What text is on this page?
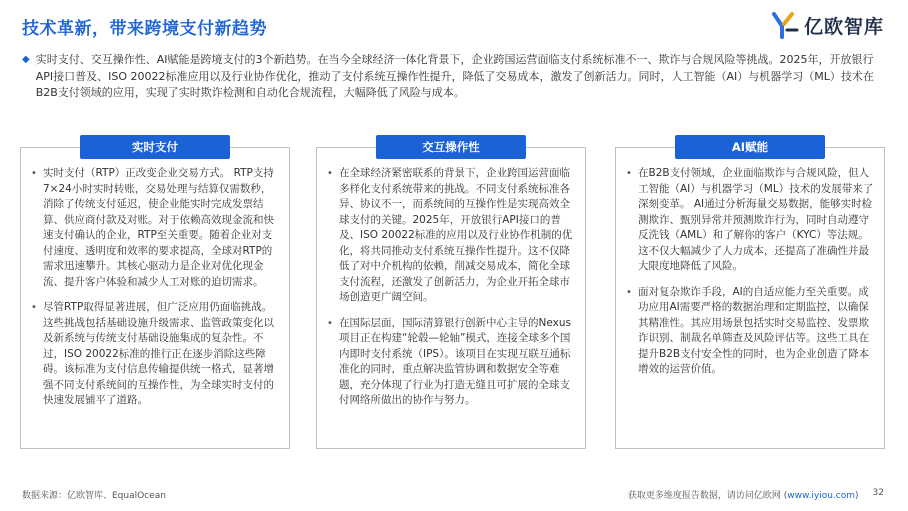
技术革新，带来跨境支付新趋势	亿欧智库
◆ 实时支付、交互操作性、AI赋能是跨境支付的3个新趋势。在当今全球经济一体化背景下，企业跨国运营面临支付系统标准不一、欺诈与合规风险等挑战。2025年，开放银行API接口普及、ISO 20022标准应用以及行业协作优化，推动了支付系统互操作性提升，降低了交易成本，激发了创新活力。同时，人工智能（AI）与机器学习（ML）技术在B2B支付领域的应用，实现了实时欺诈检测和自动化合规流程，大幅降低了风险与成本。

实时支付
• 实时支付（RTP）正改变企业交易方式。 RTP支持7×24小时实时转账，交易处理与结算仅需数秒，消除了传统支付延迟，使企业能实时完成发票结算、供应商付款及对账。对于依赖高效现金流和快速支付确认的企业，RTP至关重要。随着企业对支付速度、透明度和效率的要求提高，全球对RTP的需求迅速攀升。其核心驱动力是企业对优化现金流、提升客户体验和减少人工对账的迫切需求。

• 尽管RTP取得显著进展，但广泛应用仍面临挑战。这些挑战包括基础设施升级需求、监管政策变化以及新系统与传统支付基础设施集成的复杂性。不过，ISO 20022标准的推行正在逐步消除这些障碍。该标准为支付信息传输提供统一格式，显著增强不同支付系统间的互操作性，为全球实时支付的快速发展铺平了道路。

交互操作性
• 在全球经济紧密联系的背景下，企业跨国运营面临多样化支付系统带来的挑战。不同支付系统标准各异、协议不一，而系统间的互操作性是实现高效全球支付的关键。2025年，开放银行API接口的普及、ISO 20022标准的应用以及行业协作机制的优化，将共同推动支付系统互操作性提升。这不仅降低了对中介机构的依赖，削减交易成本，简化全球支付流程，还激发了创新活力，为企业开拓全球市场创造更广阔空间。

• 在国际层面，国际清算银行创新中心主导的Nexus项目正在构建“轮毂—轮轴”模式，连接全球多个国内即时支付系统（IPS）。该项目在实现互联互通标准化的同时，重点解决监管协调和数据安全等难题，充分体现了行业为打造无缝且可扩展的全球支付网络所做出的协作与努力。

AI赋能
• 在B2B支付领域，企业面临欺诈与合规风险，但人工智能（AI）与机器学习（ML）技术的发展带来了深刻变革。 AI通过分析海量交易数据，能够实时检测欺诈、甄别异常并预测欺诈行为，同时自动遵守反洗钱（AML）和了解你的客户（KYC）等法规。这不仅大幅减少了人力成本，还提高了准确性并最大限度地降低了风险。

• 面对复杂欺诈手段，AI的自适应能力至关重要。成功应用AI需要严格的数据治理和定期监控，以确保其精准性。其应用场景包括实时交易监控、发票欺诈识别、制裁名单筛查及风险评估等。这些工具在提升B2B支付安全性的同时，也为企业创造了降本增效的运营价值。

数据来源：亿欧智库、EqualOcean	获取更多维度报告数据，请访问亿欧网 (www.iyiou.com) 32
